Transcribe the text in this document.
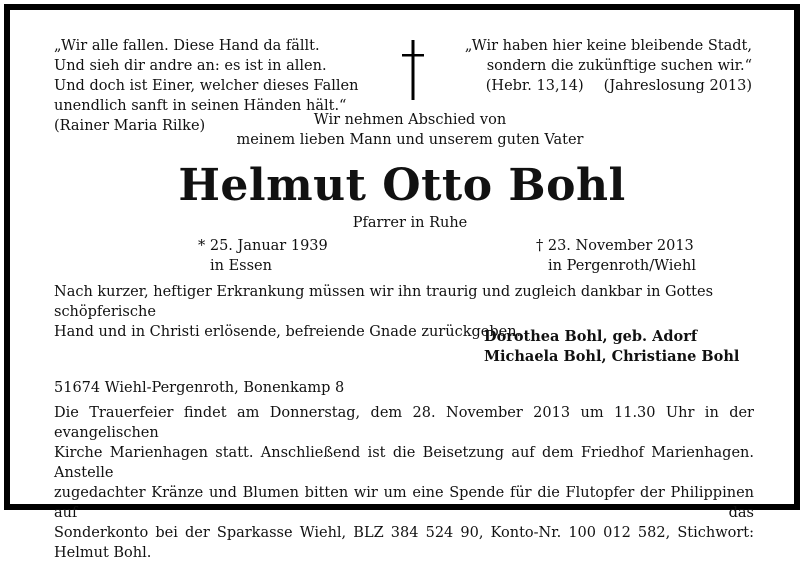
„Wir alle fallen. Diese Hand da fällt.
Und sieh dir andre an: es ist in allen.
Und doch ist Einer, welcher dieses Fallen
unendlich sanft in seinen Händen hält.“
(Rainer Maria Rilke)
„Wir haben hier keine bleibende Stadt,
sondern die zukünftige suchen wir.“
(Hebr. 13,14) (Jahreslosung 2013)
Wir nehmen Abschied von
meinem lieben Mann und unserem guten Vater
Helmut Otto Bohl
Pfarrer in Ruhe
* 25. Januar 1939
in Essen
† 23. November 2013
in Pergenroth/Wiehl
Nach kurzer, heftiger Erkrankung müssen wir ihn traurig und zugleich dankbar in Gottes schöpferische
Hand und in Christi erlösende, befreiende Gnade zurückgeben.
Dorothea Bohl, geb. Adorf
Michaela Bohl, Christiane Bohl
51674 Wiehl-Pergenroth, Bonenkamp 8
Die Trauerfeier findet am Donnerstag, dem 28. November 2013 um 11.30 Uhr in der evangelischen
Kirche Marienhagen statt. Anschließend ist die Beisetzung auf dem Friedhof Marienhagen. Anstelle
zugedachter Kränze und Blumen bitten wir um eine Spende für die Flutopfer der Philippinen auf das
Sonderkonto bei der Sparkasse Wiehl, BLZ 384 524 90, Konto-Nr. 100 012 582, Stichwort: Helmut Bohl.
